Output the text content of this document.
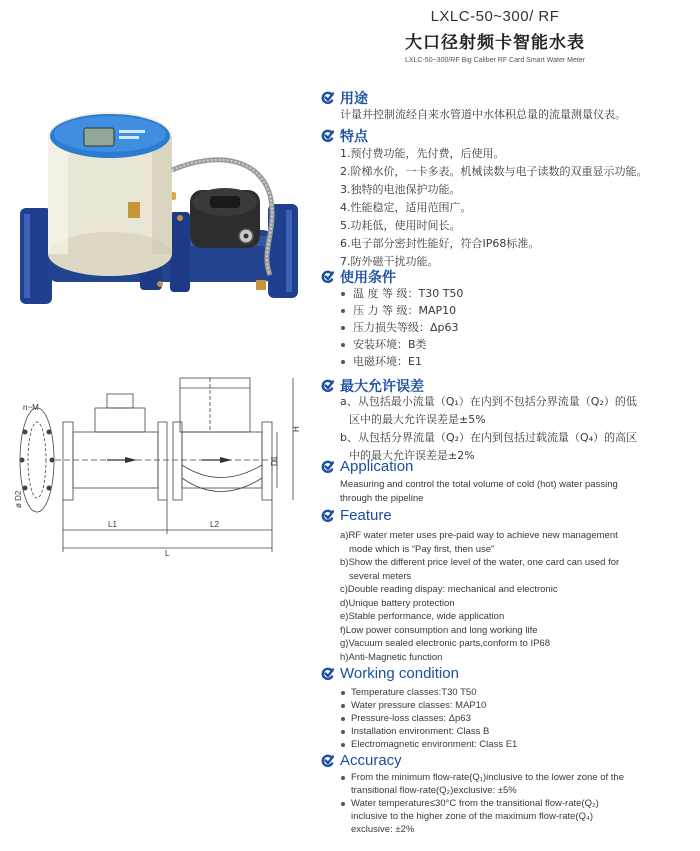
LXLC-50~300/ RF
大口径射频卡智能水表
LXLC-50~300/RF Big Caliber RF Card Smart Water Meter
n~M
ø D2
D1
H
L1	L2
L
用途
计量并控制流经自来水管道中水体积总量的流量测量仪表。
特点
1.预付费功能，先付费，后使用。
2.阶梯水价，一卡多表。机械读数与电子读数的双重显示功能。
3.独特的电池保护功能。
4.性能稳定，适用范围广。
5.功耗低，使用时间长。
6.电子部分密封性能好，符合IP68标准。
7.防外磁干扰功能。
使用条件
温 度 等 级：T30 T50
压 力 等 级：MAP10
压力损失等级：Δp63
安装环境：B类
电磁环境：E1
最大允许误差
a、从包括最小流量（Q₁）在内到不包括分界流量（Q₂）的低
区中的最大允许误差是±5%
b、从包括分界流量（Q₂）在内到包括过载流量（Q₄）的高区
中的最大允许误差是±2%
Application
Measuring and control the total volume of cold (hot) water passing
through the pipeline
Feature
a)RF water meter uses pre-paid way to achieve new management
mode which is “Pay first, then use”
b)Show the different price level of the water, one card can used for
several meters
c)Double reading dispay: mechanical and electronic
d)Unique battery protection
e)Stable performance, wide application
f)Low power consumption and long working life
g)Vacuum sealed electronic parts,conform to IP68
h)Anti-Magnetic function
Working condition
Temperature classes:T30 T50
Water pressure classes: MAP10
Pressure-loss classes: Δp63
Installation environment: Class B
Electromagnetic environment: Class E1
Accuracy
From the minimum flow-rate(Q₁)inclusive to the lower zone of the
transitional flow-rate(Q₂)exclusive: ±5%
Water temperature≤30°C from the transitional flow-rate(Q₂)
inclusive to the higher zone of the maximum flow-rate(Q₄)
exclusive: ±2%
